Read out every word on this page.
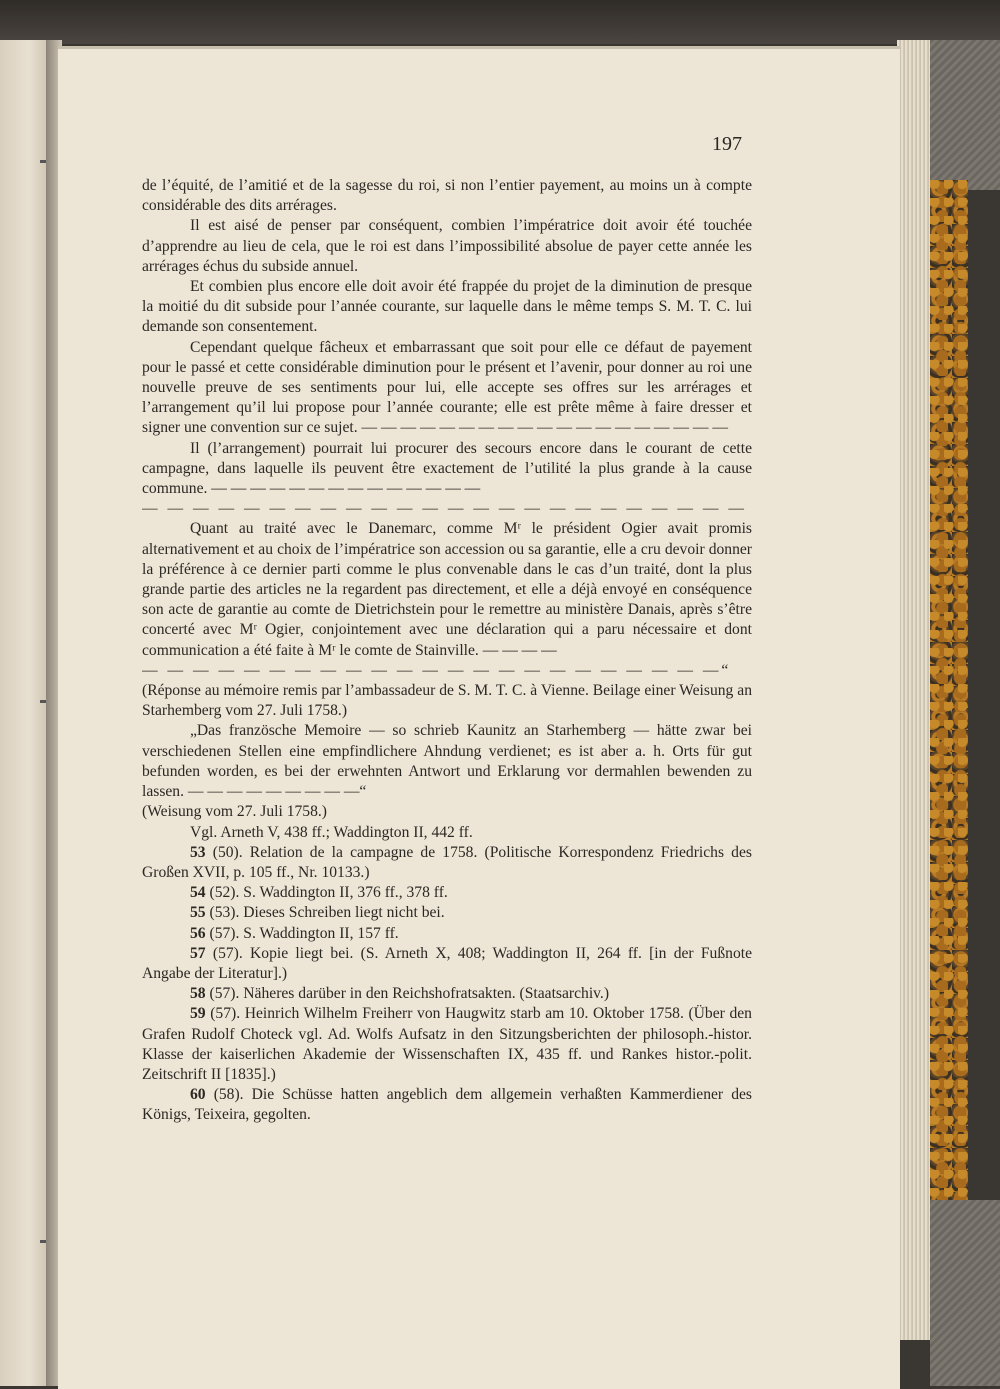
197

de l’équité, de l’amitié et de la sagesse du roi, si non l’entier payement, au moins un à compte considérable des dits arrérages.

Il est aisé de penser par conséquent, combien l’impératrice doit avoir été touchée d’apprendre au lieu de cela, que le roi est dans l’impossibilité absolue de payer cette année les arrérages échus du subside annuel.

Et combien plus encore elle doit avoir été frappée du projet de la diminution de presque la moitié du dit subside pour l’année courante, sur laquelle dans le même temps S. M. T. C. lui demande son consentement.

Cependant quelque fâcheux et embarrassant que soit pour elle ce défaut de payement pour le passé et cette considérable diminution pour le présent et l’avenir, pour donner au roi une nouvelle preuve de ses sentiments pour lui, elle accepte ses offres sur les arrérages et l’arrangement qu’il lui propose pour l’année courante; elle est prête même à faire dresser et signer une convention sur ce sujet. — — — — — — — — — — — — — — — — — — —

Il (l’arrangement) pourrait lui procurer des secours encore dans le courant de cette campagne, dans laquelle ils peuvent être exactement de l’utilité la plus grande à la cause commune. — — — — — — — — — — — — — —

— — — — — — — — — — — — — — — — — — — — — — — —

Quant au traité avec le Danemarc, comme Mʳ le président Ogier avait promis alternativement et au choix de l’impératrice son accession ou sa garantie, elle a cru devoir donner la préférence à ce dernier parti comme le plus convenable dans le cas d’un traité, dont la plus grande partie des articles ne la regardent pas directement, et elle a déjà envoyé en conséquence son acte de garantie au comte de Dietrichstein pour le remettre au ministère Danais, après s’être concerté avec Mʳ Ogier, conjointement avec une déclaration qui a paru nécessaire et dont communication a été faite à Mʳ le comte de Stainville. — — — —

— — — — — — — — — — — — — — — — — — — — — — —“

(Réponse au mémoire remis par l’ambassadeur de S. M. T. C. à Vienne. Beilage einer Weisung an Starhemberg vom 27. Juli 1758.)

„Das französche Memoire — so schrieb Kaunitz an Starhemberg — hätte zwar bei verschiedenen Stellen eine empfindlichere Ahndung verdienet; es ist aber a. h. Orts für gut befunden worden, es bei der erwehnten Antwort und Erklarung vor dermahlen bewenden zu lassen. — — — — — — — — —“

(Weisung vom 27. Juli 1758.)

Vgl. Arneth V, 438 ff.; Waddington II, 442 ff.

53 (50). Relation de la campagne de 1758. (Politische Korrespondenz Friedrichs des Großen XVII, p. 105 ff., Nr. 10133.)

54 (52). S. Waddington II, 376 ff., 378 ff.

55 (53). Dieses Schreiben liegt nicht bei.

56 (57). S. Waddington II, 157 ff.

57 (57). Kopie liegt bei. (S. Arneth X, 408; Waddington II, 264 ff. [in der Fußnote Angabe der Literatur].)

58 (57). Näheres darüber in den Reichshofratsakten. (Staatsarchiv.)

59 (57). Heinrich Wilhelm Freiherr von Haugwitz starb am 10. Oktober 1758. (Über den Grafen Rudolf Choteck vgl. Ad. Wolfs Aufsatz in den Sitzungsberichten der philosoph.-histor. Klasse der kaiserlichen Akademie der Wissenschaften IX, 435 ff. und Rankes histor.-polit. Zeitschrift II [1835].)

60 (58). Die Schüsse hatten angeblich dem allgemein verhaßten Kammerdiener des Königs, Teixeira, gegolten.
